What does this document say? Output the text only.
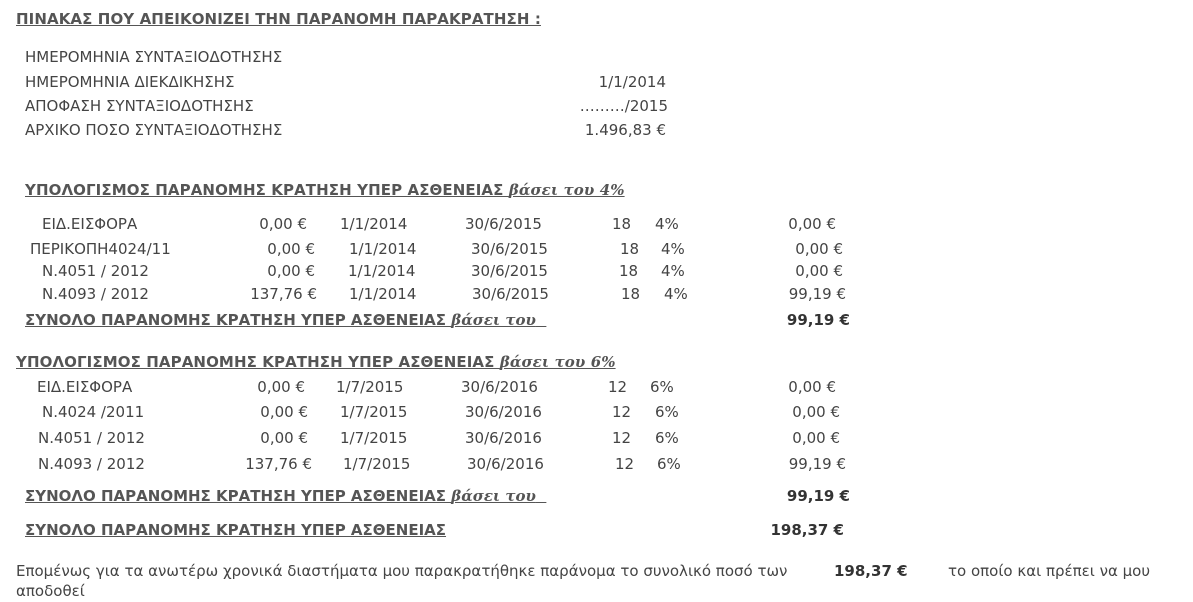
ΠΙΝΑΚΑΣ ΠΟΥ ΑΠΕΙΚΟΝΙΖΕΙ ΤΗΝ ΠΑΡΑΝΟΜΗ ΠΑΡΑΚΡΑΤΗΣΗ :
ΗΜΕΡΟΜΗΝΙΑ ΣΥΝΤΑΞΙΟΔΟΤΗΣΗΣ
ΗΜΕΡΟΜΗΝΙΑ ΔΙΕΚΔΙΚΗΣΗΣ	1/1/2014
ΑΠΟΦΑΣΗ ΣΥΝΤΑΞΙΟΔΟΤΗΣΗΣ	………/2015
ΑΡΧΙΚΟ ΠΟΣΟ ΣΥΝΤΑΞΙΟΔΟΤΗΣΗΣ	1.496,83 €
ΥΠΟΛΟΓΙΣΜΟΣ ΠΑΡΑΝΟΜΗΣ ΚΡΑΤΗΣΗ ΥΠΕΡ ΑΣΘΕΝΕΙΑΣ βάσει του 4%
ΕΙΔ.ΕΙΣΦΟΡΑ	0,00 € 1/1/2014	30/6/2015	18 4%	0,00 €
ΠΕΡΙΚΟΠΗ4024/11	0,00 € 1/1/2014	30/6/2015	18 4%	0,00 €
Ν.4051 / 2012	0,00 € 1/1/2014	30/6/2015	18 4%	0,00 €
Ν.4093 / 2012	137,76 € 1/1/2014	30/6/2015	18 4%	99,19 €
ΣΥΝΟΛΟ ΠΑΡΑΝΟΜΗΣ ΚΡΑΤΗΣΗ ΥΠΕΡ ΑΣΘΕΝΕΙΑΣ βάσει του	99,19 €
ΥΠΟΛΟΓΙΣΜΟΣ ΠΑΡΑΝΟΜΗΣ ΚΡΑΤΗΣΗ ΥΠΕΡ ΑΣΘΕΝΕΙΑΣ βάσει του 6%
ΕΙΔ.ΕΙΣΦΟΡΑ	0,00 € 1/7/2015	30/6/2016	12 6%	0,00 €
Ν.4024 /2011	0,00 € 1/7/2015	30/6/2016	12 6%	0,00 €
Ν.4051 / 2012	0,00 € 1/7/2015	30/6/2016	12 6%	0,00 €
Ν.4093 / 2012	137,76 € 1/7/2015	30/6/2016	12 6%	99,19 €
ΣΥΝΟΛΟ ΠΑΡΑΝΟΜΗΣ ΚΡΑΤΗΣΗ ΥΠΕΡ ΑΣΘΕΝΕΙΑΣ βάσει του	99,19 €
ΣΥΝΟΛΟ ΠΑΡΑΝΟΜΗΣ ΚΡΑΤΗΣΗ ΥΠΕΡ ΑΣΘΕΝΕΙΑΣ	198,37 €
Επομένως για τα ανωτέρω χρονικά διαστήματα μου παρακρατήθηκε παράνομα το συνολικό ποσό των	198,37 €	το οποίο και πρέπει να μου
αποδοθεί
